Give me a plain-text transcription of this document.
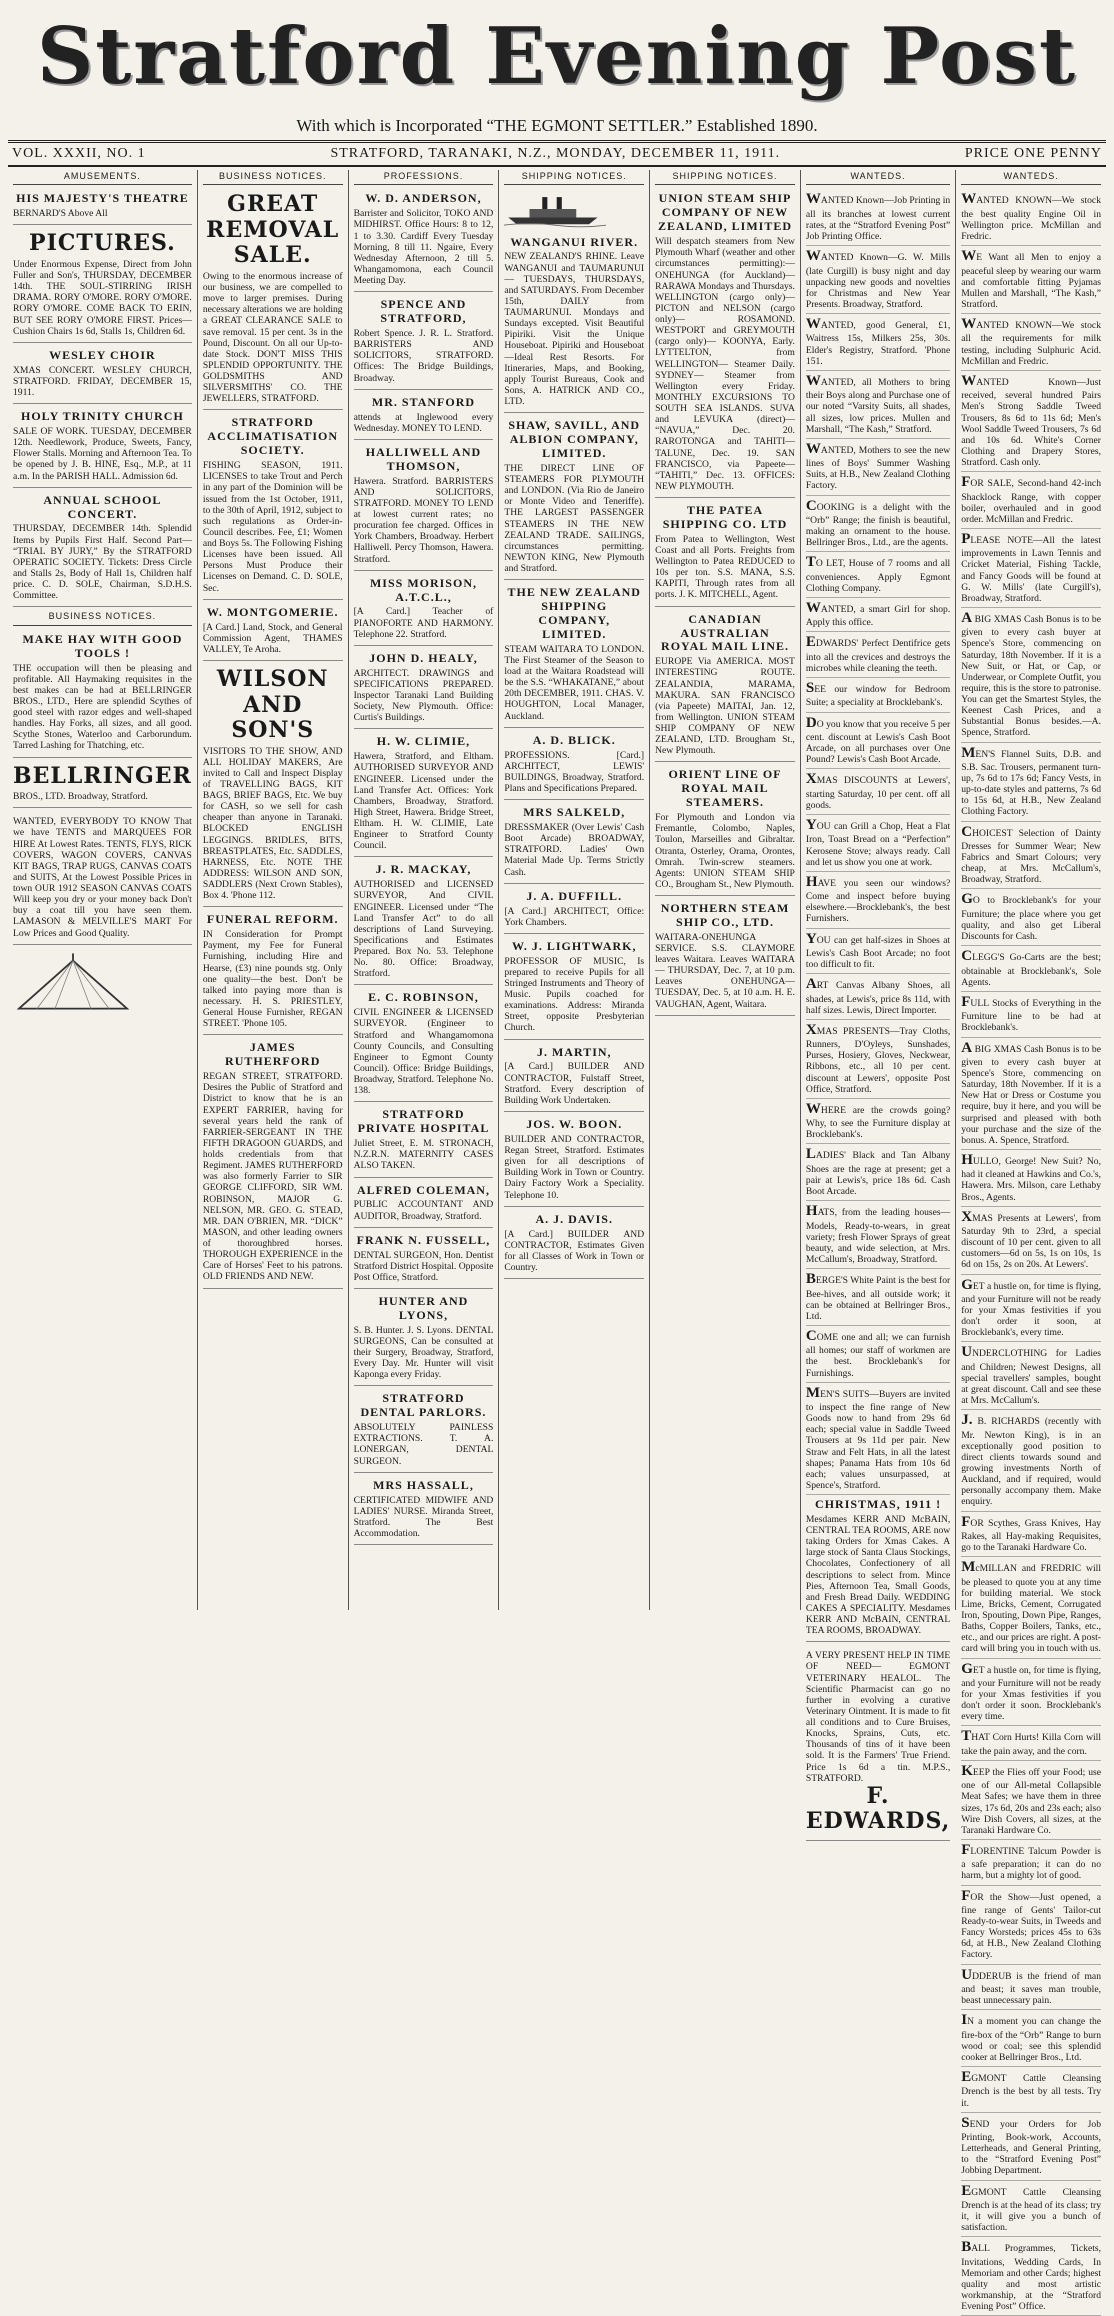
Stratford Evening Post
With which is Incorporated “THE EGMONT SETTLER.” Established 1890.
VOL. XXXII, NO. 1	STRATFORD, TARANAKI, N.Z., MONDAY, DECEMBER 11, 1911.	PRICE ONE PENNY
AMUSEMENTS.
HIS MAJESTY'S THEATRE
BERNARD'S Above All
PICTURES.
Under Enormous Expense, Direct from John Fuller and Son's, THURSDAY, DECEMBER 14th. THE SOUL-STIRRING IRISH DRAMA. RORY O'MORE. RORY O'MORE. RORY O'MORE. COME BACK TO ERIN, BUT SEE RORY O'MORE FIRST. Prices—Cushion Chairs 1s 6d, Stalls 1s, Children 6d.
WESLEY CHOIR
XMAS CONCERT. WESLEY CHURCH, STRATFORD. FRIDAY, DECEMBER 15, 1911.
HOLY TRINITY CHURCH
SALE OF WORK. TUESDAY, DECEMBER 12th. Needlework, Produce, Sweets, Fancy, Flower Stalls. Morning and Afternoon Tea. To be opened by J. B. HINE, Esq., M.P., at 11 a.m. In the PARISH HALL. Admission 6d.
ANNUAL SCHOOL CONCERT.
THURSDAY, DECEMBER 14th. Splendid Items by Pupils First Half. Second Part— “TRIAL BY JURY,” By the STRATFORD OPERATIC SOCIETY. Tickets: Dress Circle and Stalls 2s, Body of Hall 1s, Children half price. C. D. SOLE, Chairman, S.D.H.S. Committee.
BUSINESS NOTICES.
MAKE HAY WITH GOOD TOOLS !
THE occupation will then be pleasing and profitable. All Haymaking requisites in the best makes can be had at BELLRINGER BROS., LTD., Here are splendid Scythes of good steel with razor edges and well-shaped handles. Hay Forks, all sizes, and all good. Scythe Stones, Waterloo and Carborundum. Tarred Lashing for Thatching, etc.
BELLRINGER
BROS., LTD. Broadway, Stratford.
WANTED, EVERYBODY TO KNOW That we have TENTS and MARQUEES FOR HIRE At Lowest Rates. TENTS, FLYS, RICK COVERS, WAGON COVERS, CANVAS KIT BAGS, TRAP RUGS, CANVAS COATS and SUITS, At the Lowest Possible Prices in town OUR 1912 SEASON CANVAS COATS Will keep you dry or your money back Don't buy a coat till you have seen them. LAMASON & MELVILLE'S MART For Low Prices and Good Quality.
BUSINESS NOTICES.
GREAT REMOVAL SALE.
Owing to the enormous increase of our business, we are compelled to move to larger premises. During necessary alterations we are holding a GREAT CLEARANCE SALE to save removal. 15 per cent. 3s in the Pound, Discount. On all our Up-to-date Stock. DON'T MISS THIS SPLENDID OPPORTUNITY. THE GOLDSMITHS AND SILVERSMITHS' CO. THE JEWELLERS, STRATFORD.
STRATFORD ACCLIMATISATION SOCIETY.
FISHING SEASON, 1911. LICENSES to take Trout and Perch in any part of the Dominion will be issued from the 1st October, 1911, to the 30th of April, 1912, subject to such regulations as Order-in-Council describes. Fee, £1; Women and Boys 5s. The Following Fishing Licenses have been issued. All Persons Must Produce their Licenses on Demand. C. D. SOLE, Sec.
W. MONTGOMERIE.
[A Card.] Land, Stock, and General Commission Agent, THAMES VALLEY, Te Aroha.
WILSON AND SON'S
VISITORS TO THE SHOW, AND ALL HOLIDAY MAKERS, Are invited to Call and Inspect Display of TRAVELLING BAGS, KIT BAGS, BRIEF BAGS, Etc. We buy for CASH, so we sell for cash cheaper than anyone in Taranaki. BLOCKED ENGLISH LEGGINGS. BRIDLES, BITS, BREASTPLATES, Etc. SADDLES, HARNESS, Etc. NOTE THE ADDRESS: WILSON AND SON, SADDLERS (Next Crown Stables), Box 4. 'Phone 112.
FUNERAL REFORM.
IN Consideration for Prompt Payment, my Fee for Funeral Furnishing, including Hire and Hearse, (£3) nine pounds stg. Only one quality—the best. Don't be talked into paying more than is necessary. H. S. PRIESTLEY, General House Furnisher, REGAN STREET. 'Phone 105.
JAMES RUTHERFORD
REGAN STREET, STRATFORD. Desires the Public of Stratford and District to know that he is an EXPERT FARRIER, having for several years held the rank of FARRIER-SERGEANT IN THE FIFTH DRAGOON GUARDS, and holds credentials from that Regiment. JAMES RUTHERFORD was also formerly Farrier to SIR GEORGE CLIFFORD, SIR WM. ROBINSON, MAJOR G. NELSON, MR. GEO. G. STEAD, MR. DAN O'BRIEN, MR. “DICK” MASON, and other leading owners of thoroughbred horses. THOROUGH EXPERIENCE in the Care of Horses' Feet to his patrons. OLD FRIENDS AND NEW.
PROFESSIONS.
W. D. ANDERSON,
Barrister and Solicitor, TOKO AND MIDHIRST. Office Hours: 8 to 12, 1 to 3.30. Cardiff Every Tuesday Morning, 8 till 11. Ngaire, Every Wednesday Afternoon, 2 till 5. Whangamomona, each Council Meeting Day.
SPENCE AND STRATFORD,
Robert Spence. J. R. L. Stratford. BARRISTERS AND SOLICITORS, STRATFORD. Offices: The Bridge Buildings, Broadway.
MR. STANFORD
attends at Inglewood every Wednesday. MONEY TO LEND.
HALLIWELL AND THOMSON,
Hawera. Stratford. BARRISTERS AND SOLICITORS, STRATFORD. MONEY TO LEND at lowest current rates; no procuration fee charged. Offices in York Chambers, Broadway. Herbert Halliwell. Percy Thomson, Hawera. Stratford.
MISS MORISON, A.T.C.L.,
[A Card.] Teacher of PIANOFORTE AND HARMONY. Telephone 22. Stratford.
JOHN D. HEALY,
ARCHITECT. DRAWINGS and SPECIFICATIONS PREPARED. Inspector Taranaki Land Building Society, New Plymouth. Office: Curtis's Buildings.
H. W. CLIMIE,
Hawera, Stratford, and Eltham. AUTHORISED SURVEYOR AND ENGINEER. Licensed under the Land Transfer Act. Offices: York Chambers, Broadway, Stratford. High Street, Hawera. Bridge Street, Eltham. H. W. CLIMIE, Late Engineer to Stratford County Council.
J. R. MACKAY,
AUTHORISED and LICENSED SURVEYOR, And CIVIL ENGINEER. Licensed under “The Land Transfer Act” to do all descriptions of Land Surveying. Specifications and Estimates Prepared. Box No. 53. Telephone No. 80. Office: Broadway, Stratford.
E. C. ROBINSON,
CIVIL ENGINEER & LICENSED SURVEYOR. (Engineer to Stratford and Whangamomona County Councils, and Consulting Engineer to Egmont County Council). Office: Bridge Buildings, Broadway, Stratford. Telephone No. 138.
STRATFORD PRIVATE HOSPITAL
Juliet Street, E. M. STRONACH, N.Z.R.N. MATERNITY CASES ALSO TAKEN.
ALFRED COLEMAN,
PUBLIC ACCOUNTANT AND AUDITOR, Broadway, Stratford.
FRANK N. FUSSELL,
DENTAL SURGEON, Hon. Dentist Stratford District Hospital. Opposite Post Office, Stratford.
HUNTER AND LYONS,
S. B. Hunter. J. S. Lyons. DENTAL SURGEONS, Can be consulted at their Surgery, Broadway, Stratford, Every Day. Mr. Hunter will visit Kaponga every Friday.
STRATFORD DENTAL PARLORS.
ABSOLUTELY PAINLESS EXTRACTIONS. T. A. LONERGAN, DENTAL SURGEON.
MRS HASSALL,
CERTIFICATED MIDWIFE AND LADIES' NURSE. Miranda Street, Stratford. The Best Accommodation.
SHIPPING NOTICES.
WANGANUI RIVER.
NEW ZEALAND'S RHINE. Leave WANGANUI and TAUMARUNUI— TUESDAYS, THURSDAYS, and SATURDAYS. From December 15th, DAILY from TAUMARUNUI. Mondays and Sundays excepted. Visit Beautiful Pipiriki. Visit the Unique Houseboat. Pipiriki and Houseboat—Ideal Rest Resorts. For Itineraries, Maps, and Booking, apply Tourist Bureaus, Cook and Sons, A. HATRICK AND CO., LTD.
SHAW, SAVILL, AND ALBION COMPANY, LIMITED.
THE DIRECT LINE OF STEAMERS FOR PLYMOUTH and LONDON. (Via Rio de Janeiro or Monte Video and Teneriffe). THE LARGEST PASSENGER STEAMERS IN THE NEW ZEALAND TRADE. SAILINGS, circumstances permitting. NEWTON KING, New Plymouth and Stratford.
THE NEW ZEALAND SHIPPING COMPANY, LIMITED.
STEAM WAITARA TO LONDON. The First Steamer of the Season to load at the Waitara Roadstead will be the S.S. “WHAKATANE,” about 20th DECEMBER, 1911. CHAS. V. HOUGHTON, Local Manager, Auckland.
A. D. BLICK.
PROFESSIONS. [Card.] ARCHITECT, LEWIS' BUILDINGS, Broadway, Stratford. Plans and Specifications Prepared.
MRS SALKELD,
DRESSMAKER (Over Lewis' Cash Boot Arcade) BROADWAY, STRATFORD. Ladies' Own Material Made Up. Terms Strictly Cash.
J. A. DUFFILL.
[A Card.] ARCHITECT, Office: York Chambers.
W. J. LIGHTWARK,
PROFESSOR OF MUSIC, Is prepared to receive Pupils for all Stringed Instruments and Theory of Music. Pupils coached for examinations. Address: Miranda Street, opposite Presbyterian Church.
J. MARTIN,
[A Card.] BUILDER AND CONTRACTOR, Fulstaff Street, Stratford. Every description of Building Work Undertaken.
JOS. W. BOON.
BUILDER AND CONTRACTOR, Regan Street, Stratford. Estimates given for all descriptions of Building Work in Town or Country. Dairy Factory Work a Speciality. Telephone 10.
A. J. DAVIS.
[A Card.] BUILDER AND CONTRACTOR, Estimates Given for all Classes of Work in Town or Country.
SHIPPING NOTICES.
UNION STEAM SHIP COMPANY OF NEW ZEALAND, LIMITED
Will despatch steamers from New Plymouth Wharf (weather and other circumstances permitting):— ONEHUNGA (for Auckland)— RARAWA Mondays and Thursdays. WELLINGTON (cargo only)— PICTON and NELSON (cargo only)— ROSAMOND. WESTPORT and GREYMOUTH (cargo only)— KOONYA, Early. LYTTELTON, from WELLINGTON— Steamer Daily. SYDNEY— Steamer from Wellington every Friday. MONTHLY EXCURSIONS TO SOUTH SEA ISLANDS. SUVA and LEVUKA (direct)— “NAVUA,” Dec. 20. RAROTONGA and TAHITI— TALUNE, Dec. 19. SAN FRANCISCO, via Papeete— “TAHITI,” Dec. 13. OFFICES: NEW PLYMOUTH.
THE PATEA SHIPPING CO. LTD
From Patea to Wellington, West Coast and all Ports. Freights from Wellington to Patea REDUCED to 10s per ton. S.S. MANA, S.S. KAPITI, Through rates from all ports. J. K. MITCHELL, Agent.
CANADIAN AUSTRALIAN ROYAL MAIL LINE.
EUROPE Via AMERICA. MOST INTERESTING ROUTE. ZEALANDIA, MARAMA, MAKURA. SAN FRANCISCO (via Papeete) MAITAI, Jan. 12, from Wellington. UNION STEAM SHIP COMPANY OF NEW ZEALAND, LTD. Brougham St., New Plymouth.
ORIENT LINE OF ROYAL MAIL STEAMERS.
For Plymouth and London via Fremantle, Colombo, Naples, Toulon, Marseilles and Gibraltar. Otranta, Osterley, Orama, Orontes, Omrah. Twin-screw steamers. Agents: UNION STEAM SHIP CO., Brougham St., New Plymouth.
NORTHERN STEAM SHIP CO., LTD.
WAITARA-ONEHUNGA SERVICE. S.S. CLAYMORE leaves Waitara. Leaves WAITARA— THURSDAY, Dec. 7, at 10 p.m. Leaves ONEHUNGA— TUESDAY, Dec. 5, at 10 a.m. H. E. VAUGHAN, Agent, Waitara.
WANTEDS.
WANTED Known—Job Printing in all its branches at lowest current rates, at the “Stratford Evening Post” Job Printing Office.
WANTED Known—G. W. Mills (late Curgill) is busy night and day unpacking new goods and novelties for Christmas and New Year Presents. Broadway, Stratford.
WANTED, good General, £1, Waitress 15s, Milkers 25s, 30s. Elder's Registry, Stratford. 'Phone 151.
WANTED, all Mothers to bring their Boys along and Purchase one of our noted “Varsity Suits, all shades, all sizes, low prices. Mullen and Marshall, “The Kash,” Stratford.
WANTED, Mothers to see the new lines of Boys' Summer Washing Suits, at H.B., New Zealand Clothing Factory.
COOKING is a delight with the “Orb” Range; the finish is beautiful, making an ornament to the house. Bellringer Bros., Ltd., are the agents.
TO LET, House of 7 rooms and all conveniences. Apply Egmont Clothing Company.
WANTED, a smart Girl for shop. Apply this office.
EDWARDS' Perfect Dentifrice gets into all the crevices and destroys the microbes while cleaning the teeth.
SEE our window for Bedroom Suite; a speciality at Brocklebank's.
DO you know that you receive 5 per cent. discount at Lewis's Cash Boot Arcade, on all purchases over One Pound? Lewis's Cash Boot Arcade.
XMAS DISCOUNTS at Lewers', starting Saturday, 10 per cent. off all goods.
YOU can Grill a Chop, Heat a Flat Iron, Toast Bread on a “Perfection” Kerosene Stove; always ready. Call and let us show you one at work.
HAVE you seen our windows? Come and inspect before buying elsewhere.—Brocklebank's, the best Furnishers.
YOU can get half-sizes in Shoes at Lewis's Cash Boot Arcade; no foot too difficult to fit.
ART Canvas Albany Shoes, all shades, at Lewis's, price 8s 11d, with half sizes. Lewis, Direct Importer.
XMAS PRESENTS—Tray Cloths, Runners, D'Oyleys, Sunshades, Purses, Hosiery, Gloves, Neckwear, Ribbons, etc., all 10 per cent. discount at Lewers', opposite Post Office, Stratford.
WHERE are the crowds going? Why, to see the Furniture display at Brocklebank's.
LADIES' Black and Tan Albany Shoes are the rage at present; get a pair at Lewis's, price 18s 6d. Cash Boot Arcade.
HATS, from the leading houses—Models, Ready-to-wears, in great variety; fresh Flower Sprays of great beauty, and wide selection, at Mrs. McCallum's, Broadway, Stratford.
BERGE'S White Paint is the best for Bee-hives, and all outside work; it can be obtained at Bellringer Bros., Ltd.
COME one and all; we can furnish all homes; our staff of workmen are the best. Brocklebank's for Furnishings.
MEN'S SUITS—Buyers are invited to inspect the fine range of New Goods now to hand from 29s 6d each; special value in Saddle Tweed Trousers at 9s 11d per pair. New Straw and Felt Hats, in all the latest shapes; Panama Hats from 10s 6d each; values unsurpassed, at Spence's, Stratford.
CHRISTMAS, 1911 !
Mesdames KERR AND McBAIN, CENTRAL TEA ROOMS, ARE now taking Orders for Xmas Cakes. A large stock of Santa Claus Stockings, Chocolates, Confectionery of all descriptions to select from. Mince Pies, Afternoon Tea, Small Goods, and Fresh Bread Daily. WEDDING CAKES A SPECIALITY. Mesdames KERR AND McBAIN, CENTRAL TEA ROOMS, BROADWAY.
A VERY PRESENT HELP IN TIME OF NEED— EGMONT VETERINARY HEALOL. The Scientific Pharmacist can go no further in evolving a curative Veterinary Ointment. It is made to fit all conditions and to Cure Bruises, Knocks, Sprains, Cuts, etc. Thousands of tins of it have been sold. It is the Farmers' True Friend. Price 1s 6d a tin. M.P.S., STRATFORD.
F. EDWARDS,
WANTEDS.
WANTED KNOWN—We stock the best quality Engine Oil in Wellington price. McMillan and Fredric.
WE Want all Men to enjoy a peaceful sleep by wearing our warm and comfortable fitting Pyjamas Mullen and Marshall, “The Kash,” Stratford.
WANTED KNOWN—We stock all the requirements for milk testing, including Sulphuric Acid. McMillan and Fredric.
WANTED Known—Just received, several hundred Pairs Men's Strong Saddle Tweed Trousers, 8s 6d to 11s 6d; Men's Wool Saddle Tweed Trousers, 7s 6d and 10s 6d. White's Corner Clothing and Drapery Stores, Stratford. Cash only.
FOR SALE, Second-hand 42-inch Shacklock Range, with copper boiler, overhauled and in good order. McMillan and Fredric.
PLEASE NOTE—All the latest improvements in Lawn Tennis and Cricket Material, Fishing Tackle, and Fancy Goods will be found at G. W. Mills' (late Curgill's), Broadway, Stratford.
A BIG XMAS Cash Bonus is to be given to every cash buyer at Spence's Store, commencing on Saturday, 18th November. If it is a New Suit, or Hat, or Cap, or Underwear, or Complete Outfit, you require, this is the store to patronise. You can get the Smartest Styles, the Keenest Cash Prices, and a Substantial Bonus besides.—A. Spence, Stratford.
MEN'S Flannel Suits, D.B. and S.B. Sac. Trousers, permanent turn-up, 7s 6d to 17s 6d; Fancy Vests, in up-to-date styles and patterns, 7s 6d to 15s 6d, at H.B., New Zealand Clothing Factory.
CHOICEST Selection of Dainty Dresses for Summer Wear; New Fabrics and Smart Colours; very cheap, at Mrs. McCallum's, Broadway, Stratford.
GO to Brocklebank's for your Furniture; the place where you get quality, and also get Liberal Discounts for Cash.
CLEGG'S Go-Carts are the best; obtainable at Brocklebank's, Sole Agents.
FULL Stocks of Everything in the Furniture line to be had at Brocklebank's.
A BIG XMAS Cash Bonus is to be given to every cash buyer at Spence's Store, commencing on Saturday, 18th November. If it is a New Hat or Dress or Costume you require, buy it here, and you will be surprised and pleased with both your purchase and the size of the bonus. A. Spence, Stratford.
HULLO, George! New Suit? No, had it cleaned at Hawkins and Co.'s, Hawera. Mrs. Milson, care Lethaby Bros., Agents.
XMAS Presents at Lewers', from Saturday 9th to 23rd, a special discount of 10 per cent. given to all customers—6d on 5s, 1s on 10s, 1s 6d on 15s, 2s on 20s. At Lewers'.
GET a hustle on, for time is flying, and your Furniture will not be ready for your Xmas festivities if you don't order it soon, at Brocklebank's, every time.
UNDERCLOTHING for Ladies and Children; Newest Designs, all special travellers' samples, bought at great discount. Call and see these at Mrs. McCallum's.
J. B. RICHARDS (recently with Mr. Newton King), is in an exceptionally good position to direct clients towards sound and growing investments North of Auckland, and if required, would personally accompany them. Make enquiry.
FOR Scythes, Grass Knives, Hay Rakes, all Hay-making Requisites, go to the Taranaki Hardware Co.
McMILLAN and FREDRIC will be pleased to quote you at any time for building material. We stock Lime, Bricks, Cement, Corrugated Iron, Spouting, Down Pipe, Ranges, Baths, Copper Boilers, Tanks, etc., etc., and our prices are right. A post-card will bring you in touch with us.
GET a hustle on, for time is flying, and your Furniture will not be ready for your Xmas festivities if you don't order it soon. Brocklebank's every time.
THAT Corn Hurts! Killa Corn will take the pain away, and the corn.
KEEP the Flies off your Food; use one of our All-metal Collapsible Meat Safes; we have them in three sizes, 17s 6d, 20s and 23s each; also Wire Dish Covers, all sizes, at the Taranaki Hardware Co.
FLORENTINE Talcum Powder is a safe preparation; it can do no harm, but a mighty lot of good.
FOR the Show—Just opened, a fine range of Gents' Tailor-cut Ready-to-wear Suits, in Tweeds and Fancy Worsteds; prices 45s to 63s 6d, at H.B., New Zealand Clothing Factory.
UDDERUB is the friend of man and beast; it saves man trouble, beast unnecessary pain.
IN a moment you can change the fire-box of the “Orb” Range to burn wood or coal; see this splendid cooker at Bellringer Bros., Ltd.
EGMONT Cattle Cleansing Drench is the best by all tests. Try it.
SEND your Orders for Job Printing, Book-work, Accounts, Letterheads, and General Printing, to the “Stratford Evening Post” Jobbing Department.
EGMONT Cattle Cleansing Drench is at the head of its class; try it, it will give you a bunch of satisfaction.
BALL Programmes, Tickets, Invitations, Wedding Cards, In Memoriam and other Cards; highest quality and most artistic workmanship, at the “Stratford Evening Post” Office.
